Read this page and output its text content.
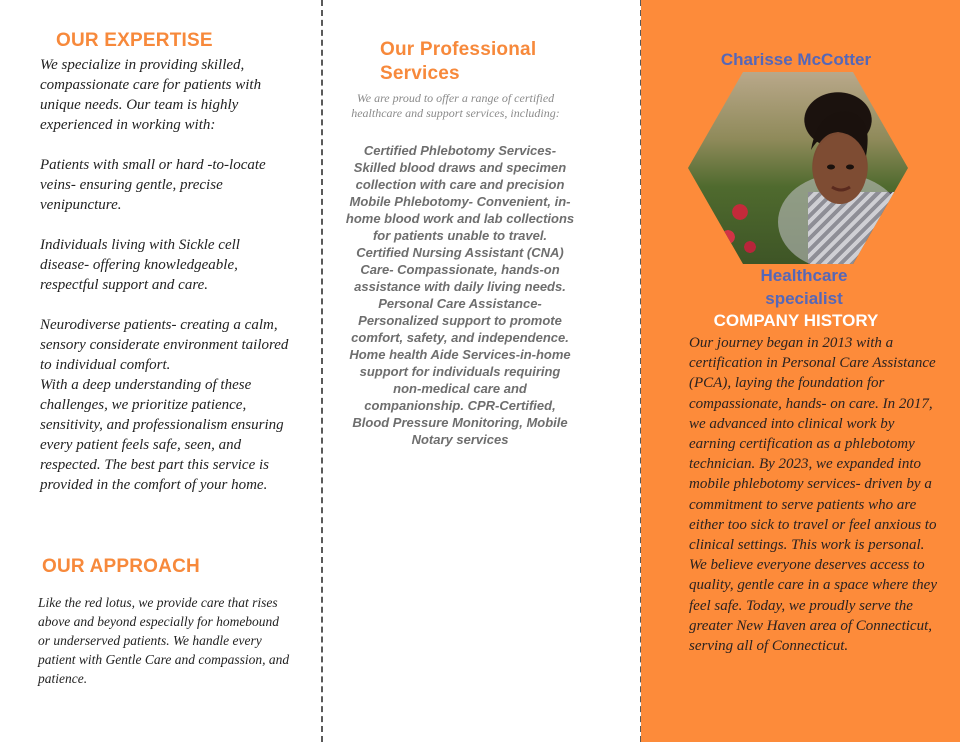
OUR EXPERTISE

We specialize in providing skilled, compassionate care for patients with unique needs. Our team is highly experienced in working with:

Patients with small or hard -to-locate veins- ensuring gentle, precise venipuncture.

Individuals living with Sickle cell disease- offering knowledgeable, respectful support and care.

Neurodiverse patients- creating a calm, sensory considerate environment tailored to individual comfort.

With a deep understanding of these challenges, we prioritize patience, sensitivity, and professionalism ensuring every patient feels safe, seen, and respected. The best part this service is provided in the comfort of your home.

OUR APPROACH

Like the red lotus, we provide care that rises above and beyond especially for homebound or underserved patients. We handle every patient with Gentle Care and compassion, and patience.

Our Professional Services

We are proud to offer a range of certified healthcare and support services, including:

Certified Phlebotomy Services- Skilled blood draws and specimen collection with care and precision Mobile Phlebotomy- Convenient, in-home blood work and lab collections for patients unable to travel. Certified Nursing Assistant (CNA) Care- Compassionate, hands-on assistance with daily living needs. Personal Care Assistance-Personalized support to promote comfort, safety, and independence. Home health Aide Services-in-home support for individuals requiring non-medical care and companionship. CPR-Certified, Blood Pressure Monitoring, Mobile Notary services

Charisse McCotter
Healthcare specialist
COMPANY HISTORY

Our journey began in 2013 with a certification in Personal Care Assistance (PCA), laying the foundation for compassionate, hands- on care. In 2017, we advanced into clinical work by earning certification as a phlebotomy technician. By 2023, we expanded into mobile phlebotomy services- driven by a commitment to serve patients who are either too sick to travel or feel anxious to clinical settings. This work is personal. We believe everyone deserves access to quality, gentle care in a space where they feel safe. Today, we proudly serve the greater New Haven area of Connecticut, serving all of Connecticut.
